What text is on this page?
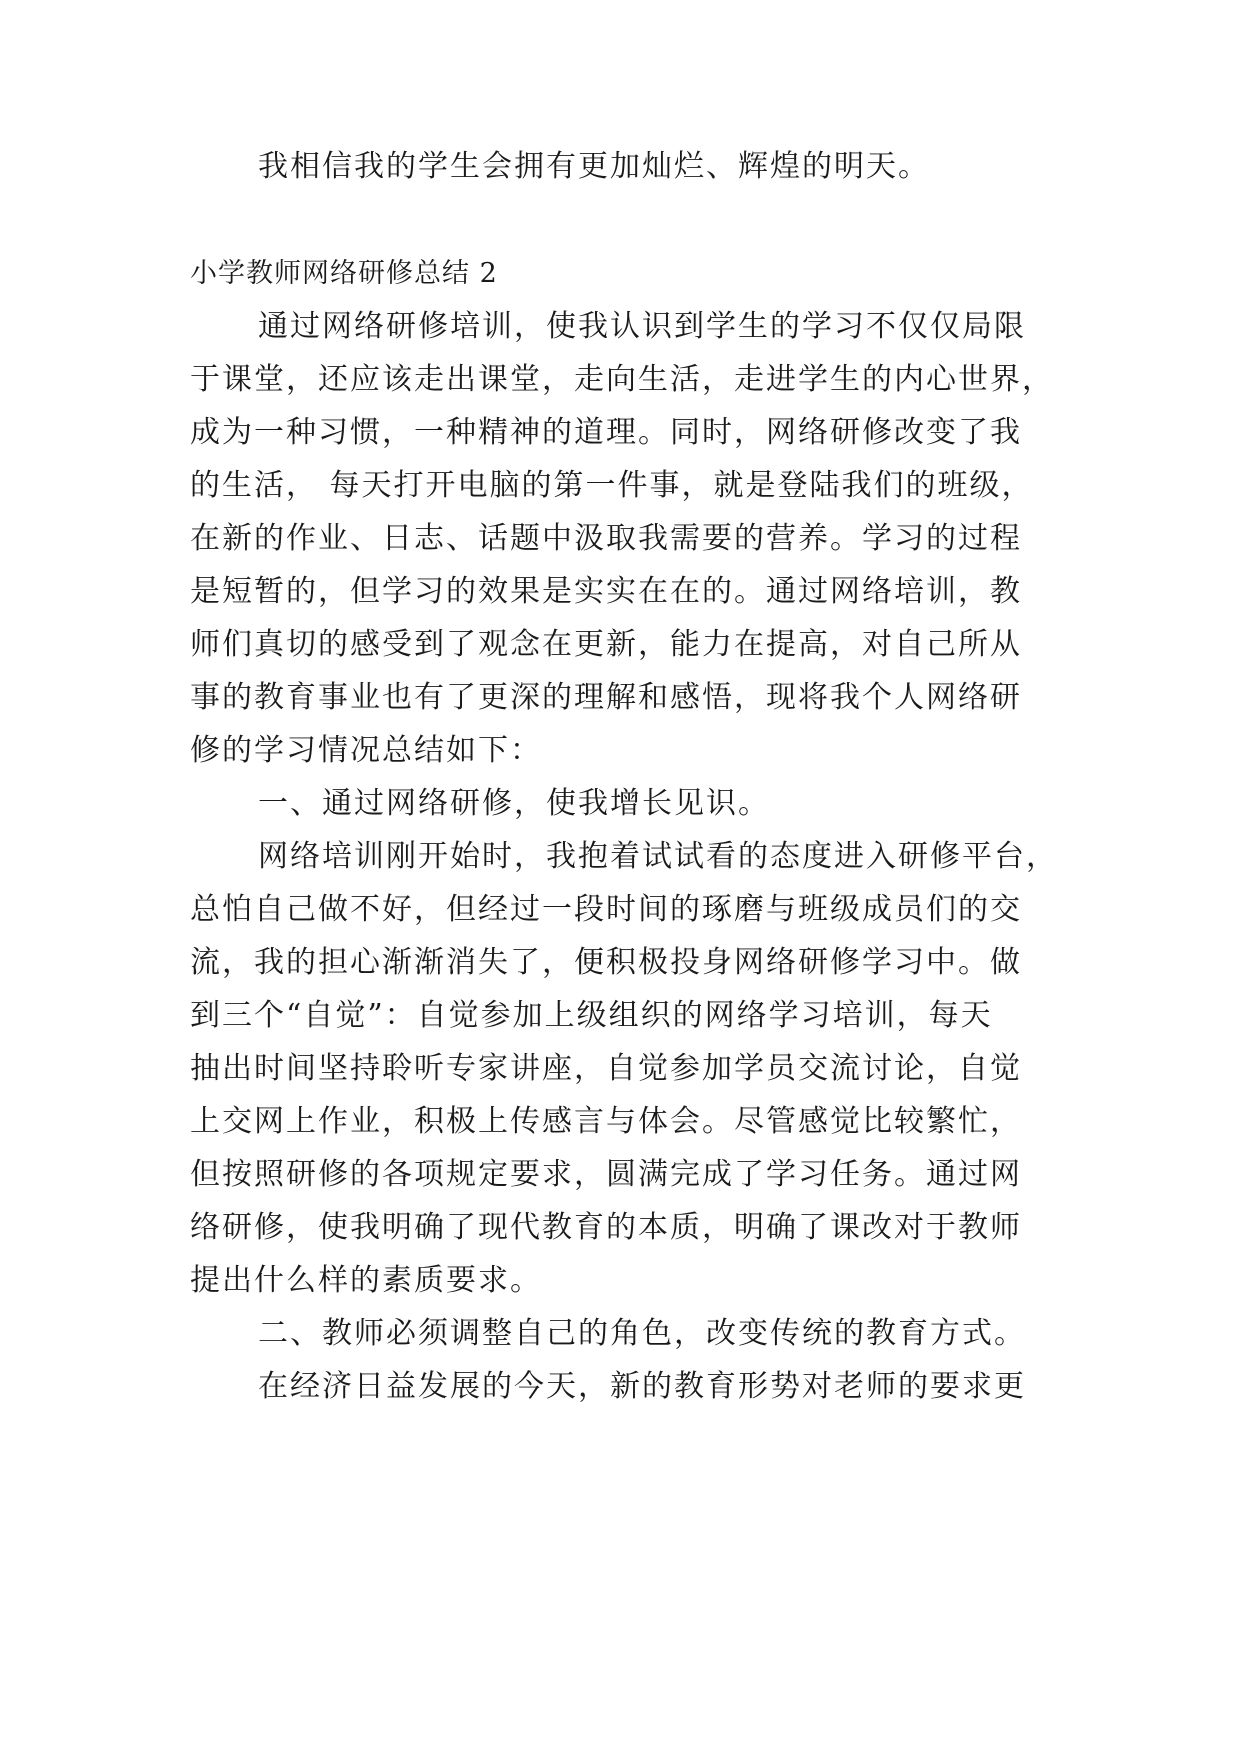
我相信我的学生会拥有更加灿烂、辉煌的明天。
小学教师网络研修总结 2
通过网络研修培训，使我认识到学生的学习不仅仅局限
于课堂，还应该走出课堂，走向生活，走进学生的内心世界，
成为一种习惯，一种精神的道理。同时，网络研修改变了我
的生活， 每天打开电脑的第一件事，就是登陆我们的班级，
在新的作业、日志、话题中汲取我需要的营养。学习的过程
是短暂的，但学习的效果是实实在在的。通过网络培训，教
师们真切的感受到了观念在更新，能力在提高，对自己所从
事的教育事业也有了更深的理解和感悟，现将我个人网络研
修的学习情况总结如下：
一、通过网络研修，使我增长见识。
网络培训刚开始时，我抱着试试看的态度进入研修平台，
总怕自己做不好，但经过一段时间的琢磨与班级成员们的交
流，我的担心渐渐消失了，便积极投身网络研修学习中。做
到三个“自觉”：自觉参加上级组织的网络学习培训，每天
抽出时间坚持聆听专家讲座，自觉参加学员交流讨论，自觉
上交网上作业，积极上传感言与体会。尽管感觉比较繁忙，
但按照研修的各项规定要求，圆满完成了学习任务。通过网
络研修，使我明确了现代教育的本质，明确了课改对于教师
提出什么样的素质要求。
二、教师必须调整自己的角色，改变传统的教育方式。
在经济日益发展的今天，新的教育形势对老师的要求更
